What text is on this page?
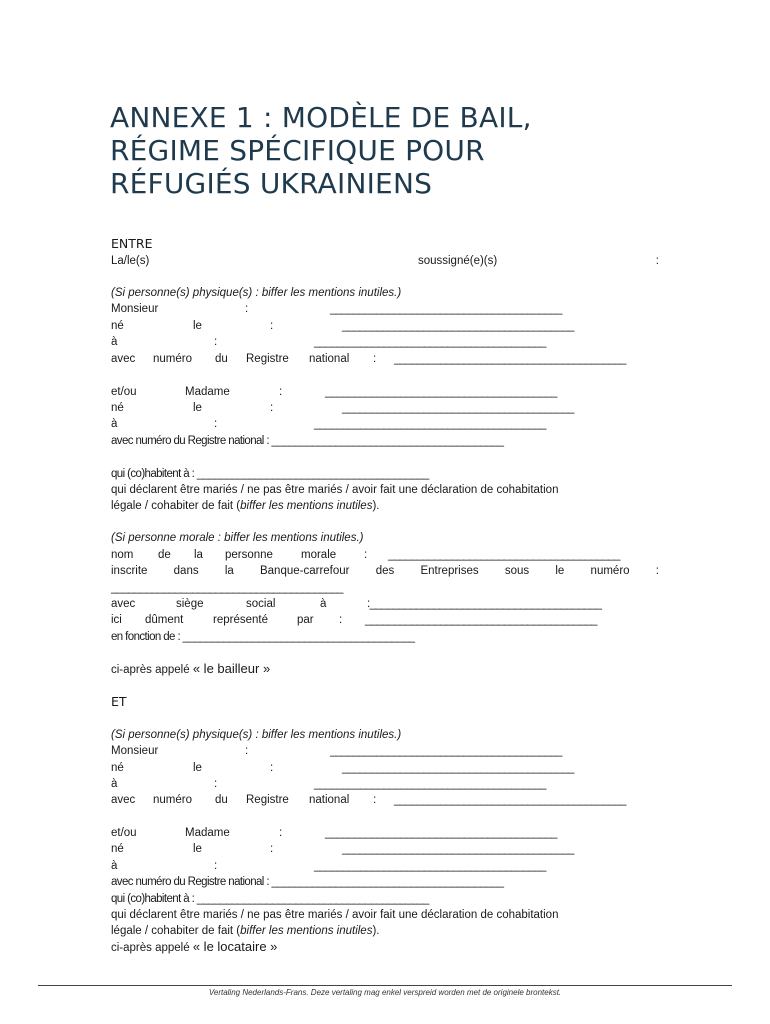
ANNEXE 1 : MODÈLE DE BAIL,
RÉGIME SPÉCIFIQUE POUR
RÉFUGIÉS UKRAINIENS
ENTRE
La/le(s)	soussigné(e)(s)	:
(Si personne(s) physique(s) : biffer les mentions inutiles.)
Monsieur	:	________________________________________
né	le	:	________________________________________
à	:	________________________________________
avec numéro du Registre national : ________________________________________
et/ou	Madame	:	________________________________________
né	le	:	________________________________________
à	:	________________________________________
avec numéro du Registre national : ________________________________________
qui (co)habitent à : ________________________________________
qui déclarent être mariés / ne pas être mariés / avoir fait une déclaration de cohabitation
légale / cohabiter de fait (biffer les mentions inutiles).
(Si personne morale : biffer les mentions inutiles.)
nom de la personne morale : ________________________________________
inscrite dans la Banque-carrefour des Entreprises sous le numéro :
________________________________________
avec	siège	social	à	:________________________________________
ici dûment	représenté	par : ________________________________________
en fonction de : ________________________________________
ci-après appelé « le bailleur »
ET
(Si personne(s) physique(s) : biffer les mentions inutiles.)
Monsieur	:	________________________________________
né	le	:	________________________________________
à	:	________________________________________
avec numéro du Registre national : ________________________________________
et/ou	Madame	:	________________________________________
né	le	:	________________________________________
à	:	________________________________________
avec numéro du Registre national : ________________________________________
qui (co)habitent à : ________________________________________
qui déclarent être mariés / ne pas être mariés / avoir fait une déclaration de cohabitation
légale / cohabiter de fait (biffer les mentions inutiles).
ci-après appelé « le locataire »
Vertaling Nederlands-Frans. Deze vertaling mag enkel verspreid worden met de originele brontekst.
